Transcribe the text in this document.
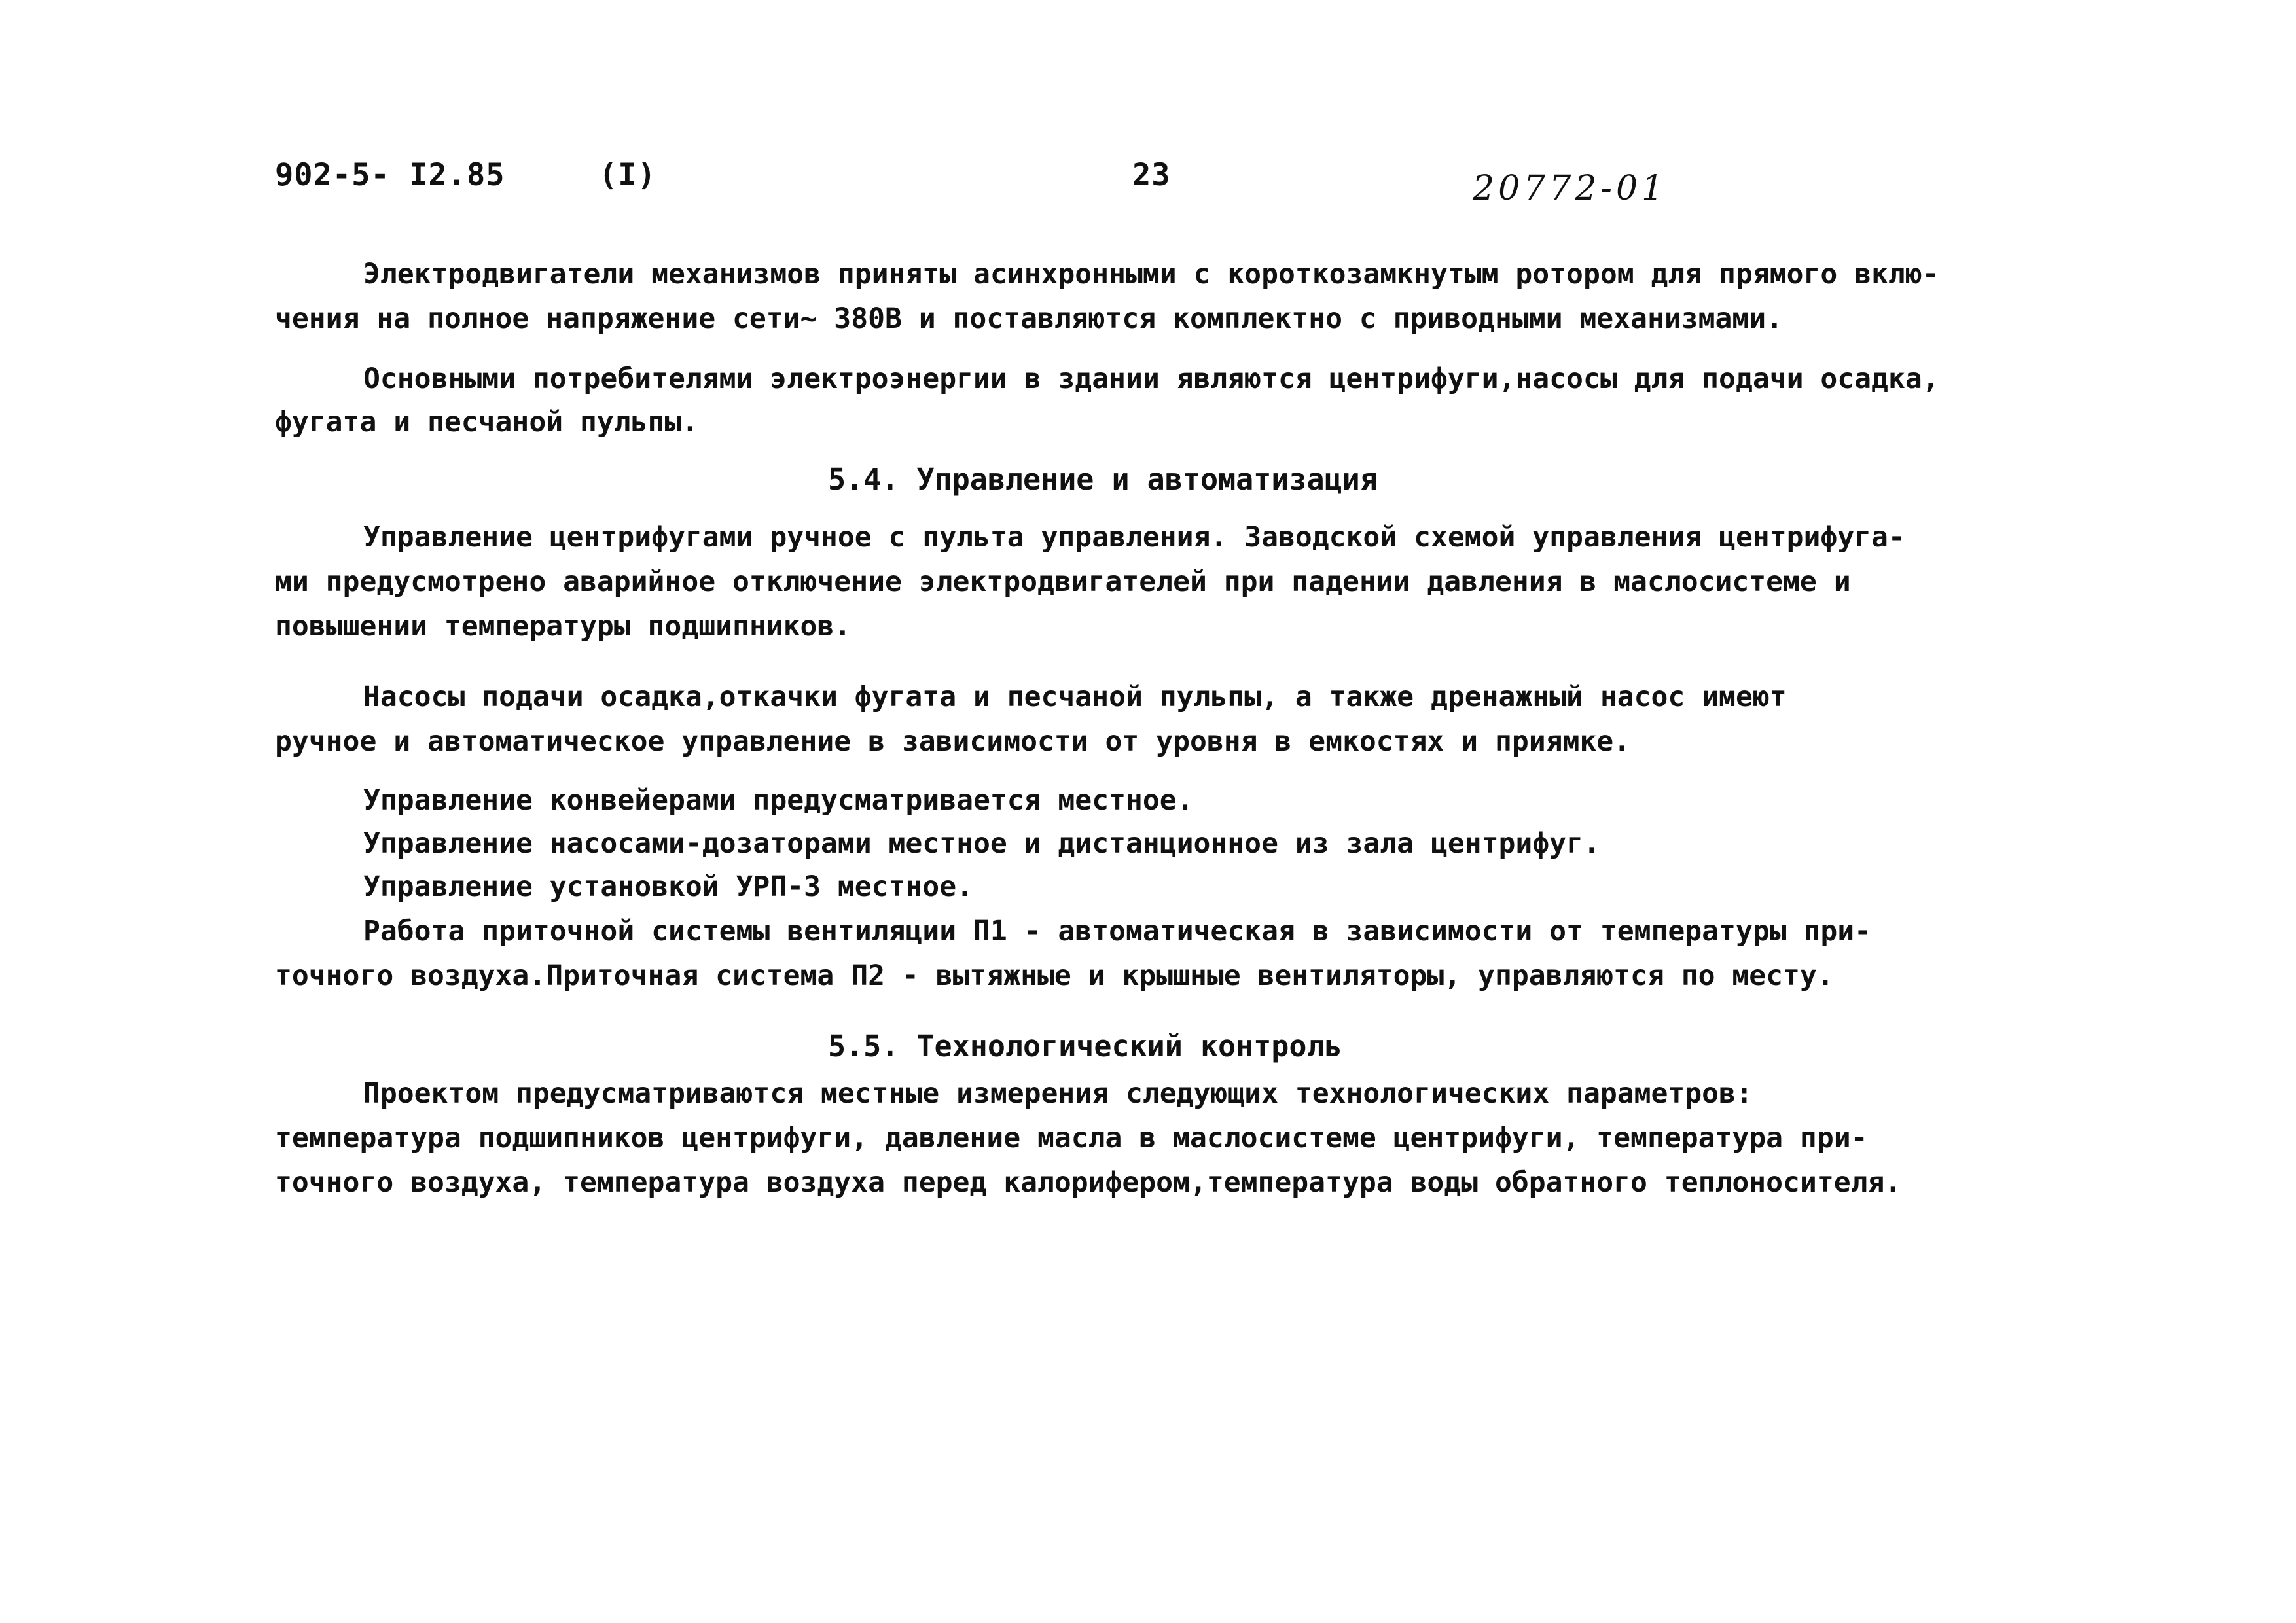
902-5- I2.85	(I)	23	20772-01
Электродвигатели механизмов приняты асинхронными с короткозамкнутым ротором для прямого вклю-
чения на полное напряжение сети~ 380В и поставляются комплектно с приводными механизмами.
Основными потребителями электроэнергии в здании являются центрифуги,насосы для подачи осадка,
фугата и песчаной пульпы.
5.4. Управление и автоматизация
Управление центрифугами ручное с пульта управления. Заводской схемой управления центрифуга-
ми предусмотрено аварийное отключение электродвигателей при падении давления в маслосистеме и
повышении температуры подшипников.
Насосы подачи осадка,откачки фугата и песчаной пульпы, а также дренажный насос имеют
ручное и автоматическое управление в зависимости от уровня в емкостях и приямке.
Управление конвейерами предусматривается местное.
Управление насосами-дозаторами местное и дистанционное из зала центрифуг.
Управление установкой УРП-3 местное.
Работа приточной системы вентиляции П1 - автоматическая в зависимости от температуры при-
точного воздуха.Приточная система П2 - вытяжные и крышные вентиляторы, управляются по месту.
5.5. Технологический контроль
Проектом предусматриваются местные измерения следующих технологических параметров:
температура подшипников центрифуги, давление масла в маслосистеме центрифуги, температура при-
точного воздуха, температура воздуха перед калорифером,температура воды обратного теплоносителя.
